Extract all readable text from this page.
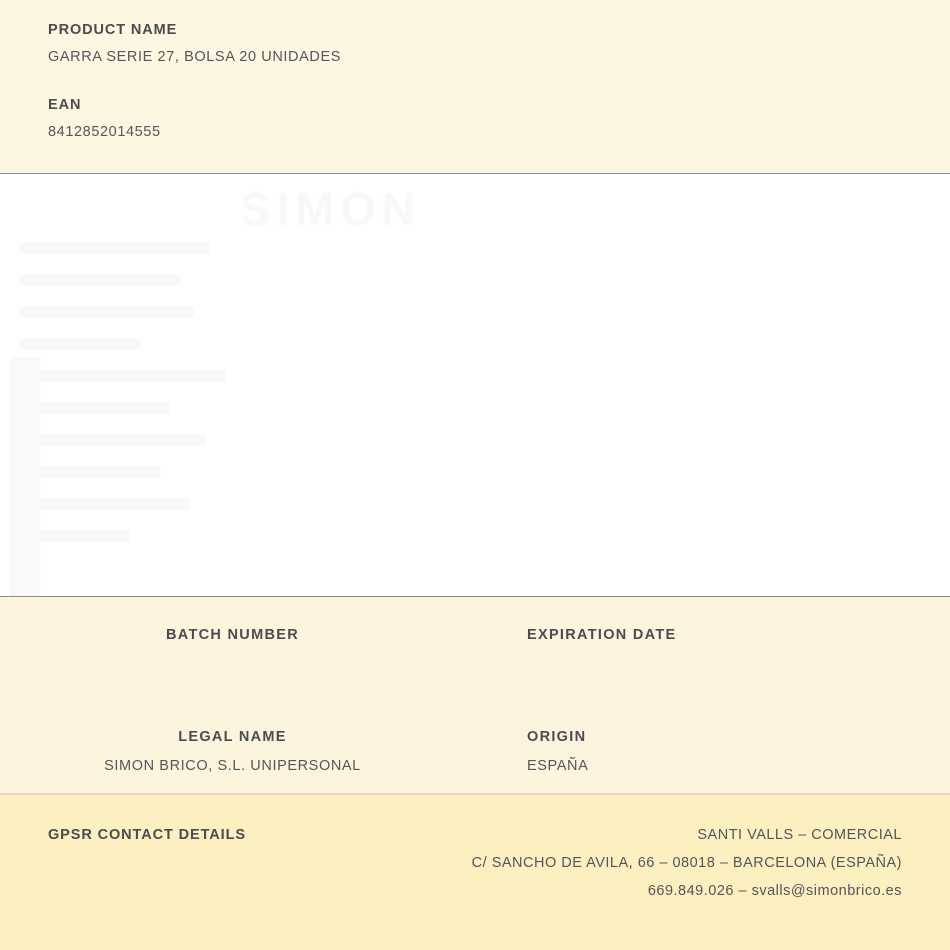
PRODUCT NAME

GARRA SERIE 27, BOLSA 20 UNIDADES

EAN

8412852014555

SIMON

BATCH NUMBER	EXPIRATION DATE

LEGAL NAME

SIMON BRICO, S.L. UNIPERSONAL

ORIGIN

ESPAÑA

GPSR CONTACT DETAILS	SANTI VALLS – COMERCIAL
C/ SANCHO DE AVILA, 66 – 08018 – BARCELONA (ESPAÑA)
669.849.026 – svalls@simonbrico.es
